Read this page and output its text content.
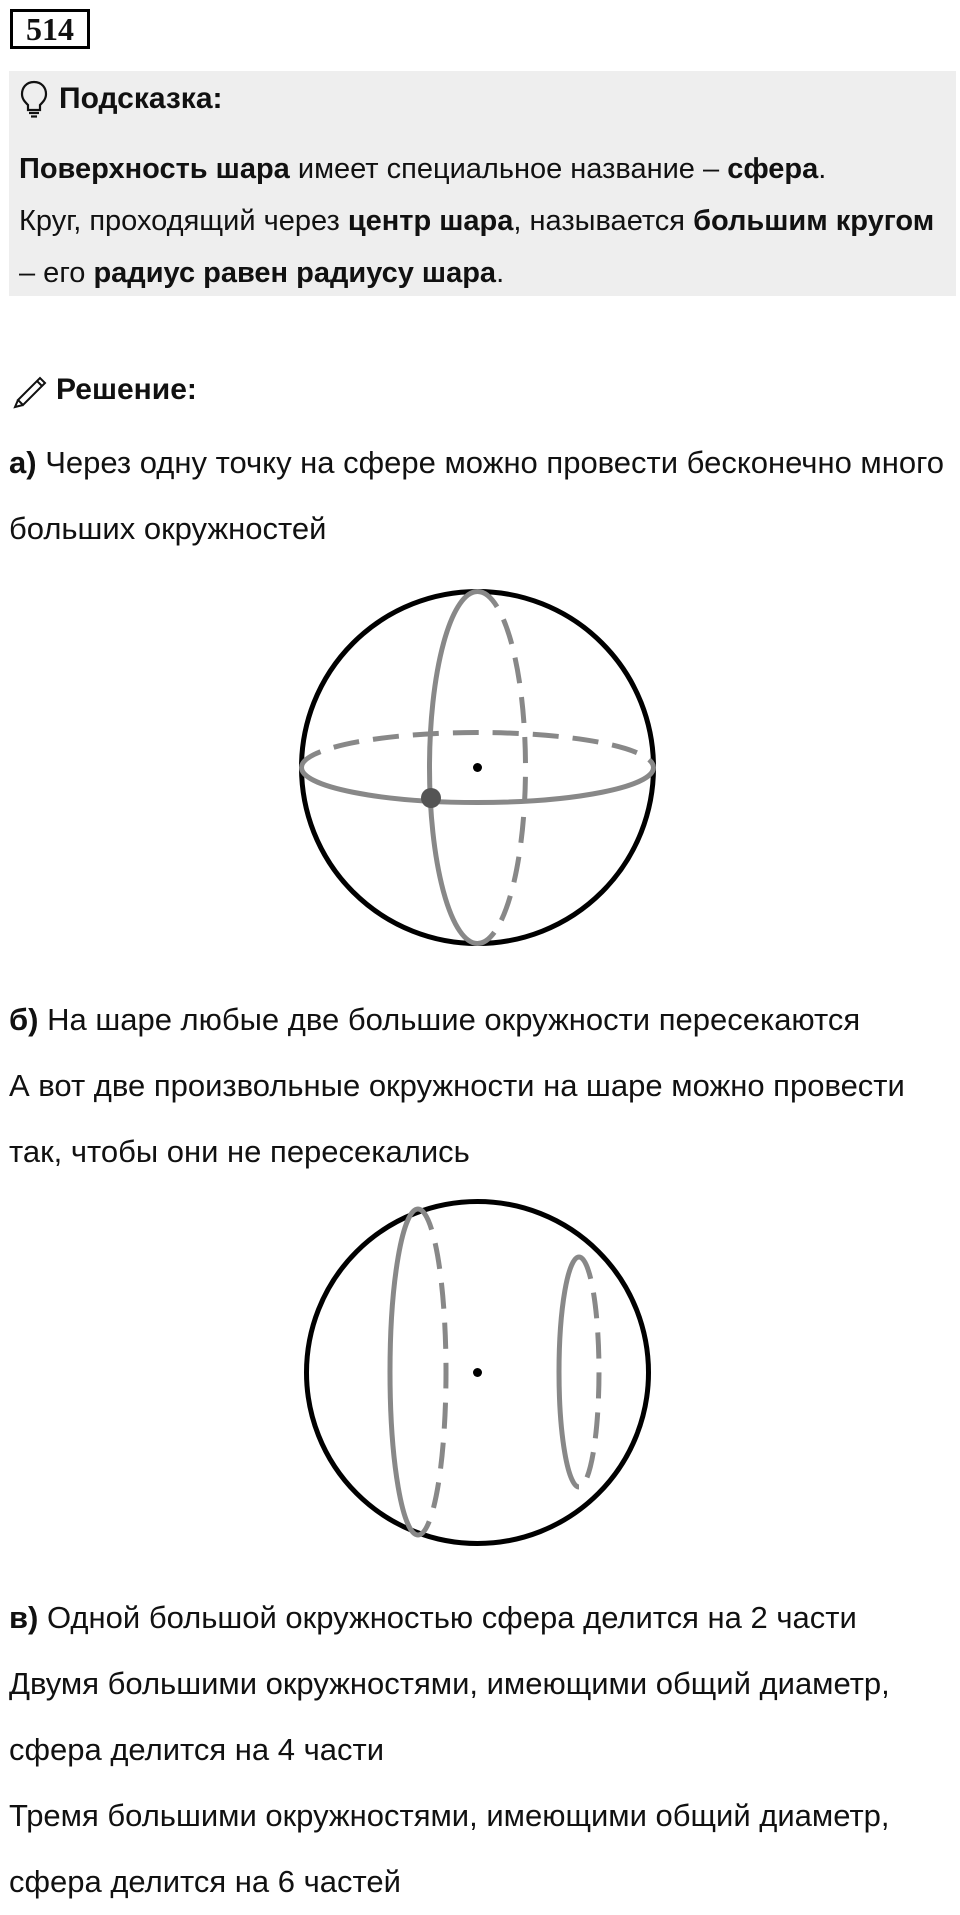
514
Подсказка:
Поверхность шара имеет специальное название – сфера.
Круг, проходящий через центр шара, называется большим кругом – его радиус равен радиусу шара.
Решение:
а) Через одну точку на сфере можно провести бесконечно много больших окружностей
б) На шаре любые две большие окружности пересекаются
А вот две произвольные окружности на шаре можно провести так, чтобы они не пересекались
в) Одной большой окружностью сфера делится на 2 части
Двумя большими окружностями, имеющими общий диаметр, сфера делится на 4 части
Тремя большими окружностями, имеющими общий диаметр, сфера делится на 6 частей
